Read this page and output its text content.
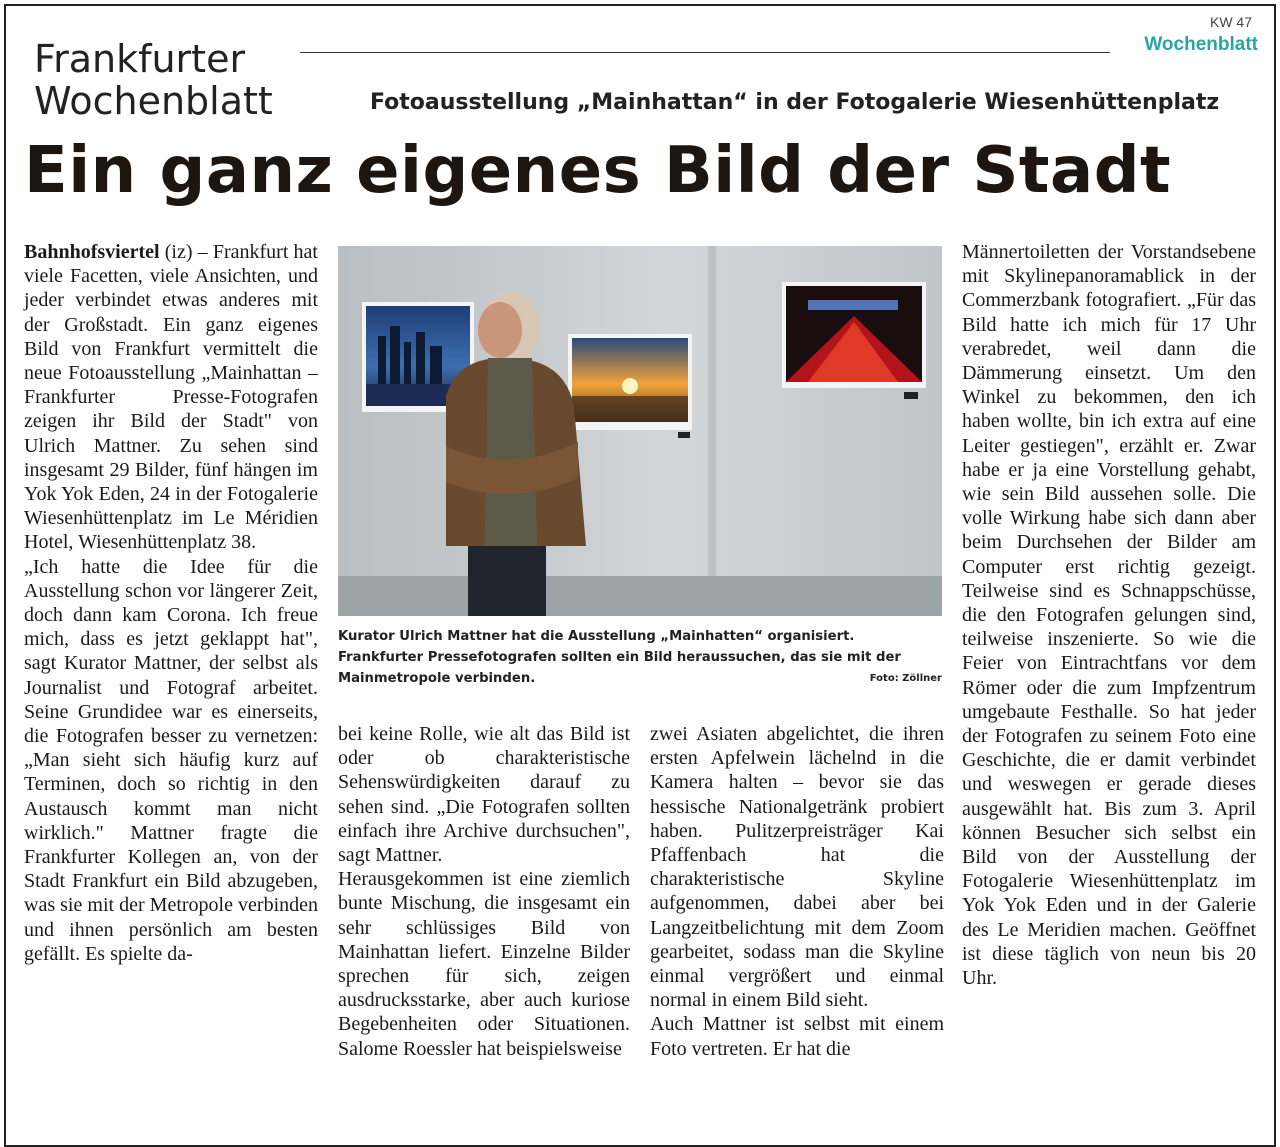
Frankfurter
Wochenblatt
KW 47
Wochenblatt
Fotoausstellung „Mainhattan“ in der Fotogalerie Wiesenhüttenplatz
Ein ganz eigenes Bild der Stadt

Bahnhofsviertel (iz) – Frankfurt hat viele Facetten, viele Ansichten, und jeder verbindet etwas anderes mit der Großstadt. Ein ganz eigenes Bild von Frankfurt vermittelt die neue Fotoausstellung „Mainhattan – Frankfurter Presse-Fotografen zeigen ihr Bild der Stadt" von Ulrich Mattner. Zu sehen sind insgesamt 29 Bilder, fünf hängen im Yok Yok Eden, 24 in der Fotogalerie Wiesenhüttenplatz im Le Méridien Hotel, Wiesenhüttenplatz 38.

„Ich hatte die Idee für die Ausstellung schon vor längerer Zeit, doch dann kam Corona. Ich freue mich, dass es jetzt geklappt hat", sagt Kurator Mattner, der selbst als Journalist und Fotograf arbeitet. Seine Grundidee war es einerseits, die Fotografen besser zu vernetzen: „Man sieht sich häufig kurz auf Terminen, doch so richtig in den Austausch kommt man nicht wirklich." Mattner fragte die Frankfurter Kollegen an, von der Stadt Frankfurt ein Bild abzugeben, was sie mit der Metropole verbinden und ihnen persönlich am besten gefällt. Es spielte da-

Kurator Ulrich Mattner hat die Ausstellung „Mainhatten“ organisiert. Frankfurter Pressefotografen sollten ein Bild heraussuchen, das sie mit der Mainmetropole verbinden.	Foto: Zöllner

bei keine Rolle, wie alt das Bild ist oder ob charakteristische Sehenswürdigkeiten darauf zu sehen sind. „Die Fotografen sollten einfach ihre Archive durchsuchen", sagt Mattner.

Herausgekommen ist eine ziemlich bunte Mischung, die insgesamt ein sehr schlüssiges Bild von Mainhattan liefert. Einzelne Bilder sprechen für sich, zeigen ausdrucksstarke, aber auch kuriose Begebenheiten oder Situationen. Salome Roessler hat beispielsweise

zwei Asiaten abgelichtet, die ihren ersten Apfelwein lächelnd in die Kamera halten – bevor sie das hessische Nationalgetränk probiert haben. Pulitzerpreisträger Kai Pfaffenbach hat die charakteristische Skyline aufgenommen, dabei aber bei Langzeitbelichtung mit dem Zoom gearbeitet, sodass man die Skyline einmal vergrößert und einmal normal in einem Bild sieht.

Auch Mattner ist selbst mit einem Foto vertreten. Er hat die

Männertoiletten der Vorstandsebene mit Skylinepanoramablick in der Commerzbank fotografiert. „Für das Bild hatte ich mich für 17 Uhr verabredet, weil dann die Dämmerung einsetzt. Um den Winkel zu bekommen, den ich haben wollte, bin ich extra auf eine Leiter gestiegen", erzählt er. Zwar habe er ja eine Vorstellung gehabt, wie sein Bild aussehen solle. Die volle Wirkung habe sich dann aber beim Durchsehen der Bilder am Computer erst richtig gezeigt. Teilweise sind es Schnappschüsse, die den Fotografen gelungen sind, teilweise inszenierte. So wie die Feier von Eintrachtfans vor dem Römer oder die zum Impfzentrum umgebaute Festhalle. So hat jeder der Fotografen zu seinem Foto eine Geschichte, die er damit verbindet und weswegen er gerade dieses ausgewählt hat. Bis zum 3. April können Besucher sich selbst ein Bild von der Ausstellung der Fotogalerie Wiesenhüttenplatz im Yok Yok Eden und in der Galerie des Le Meridien machen. Geöffnet ist diese täglich von neun bis 20 Uhr.
